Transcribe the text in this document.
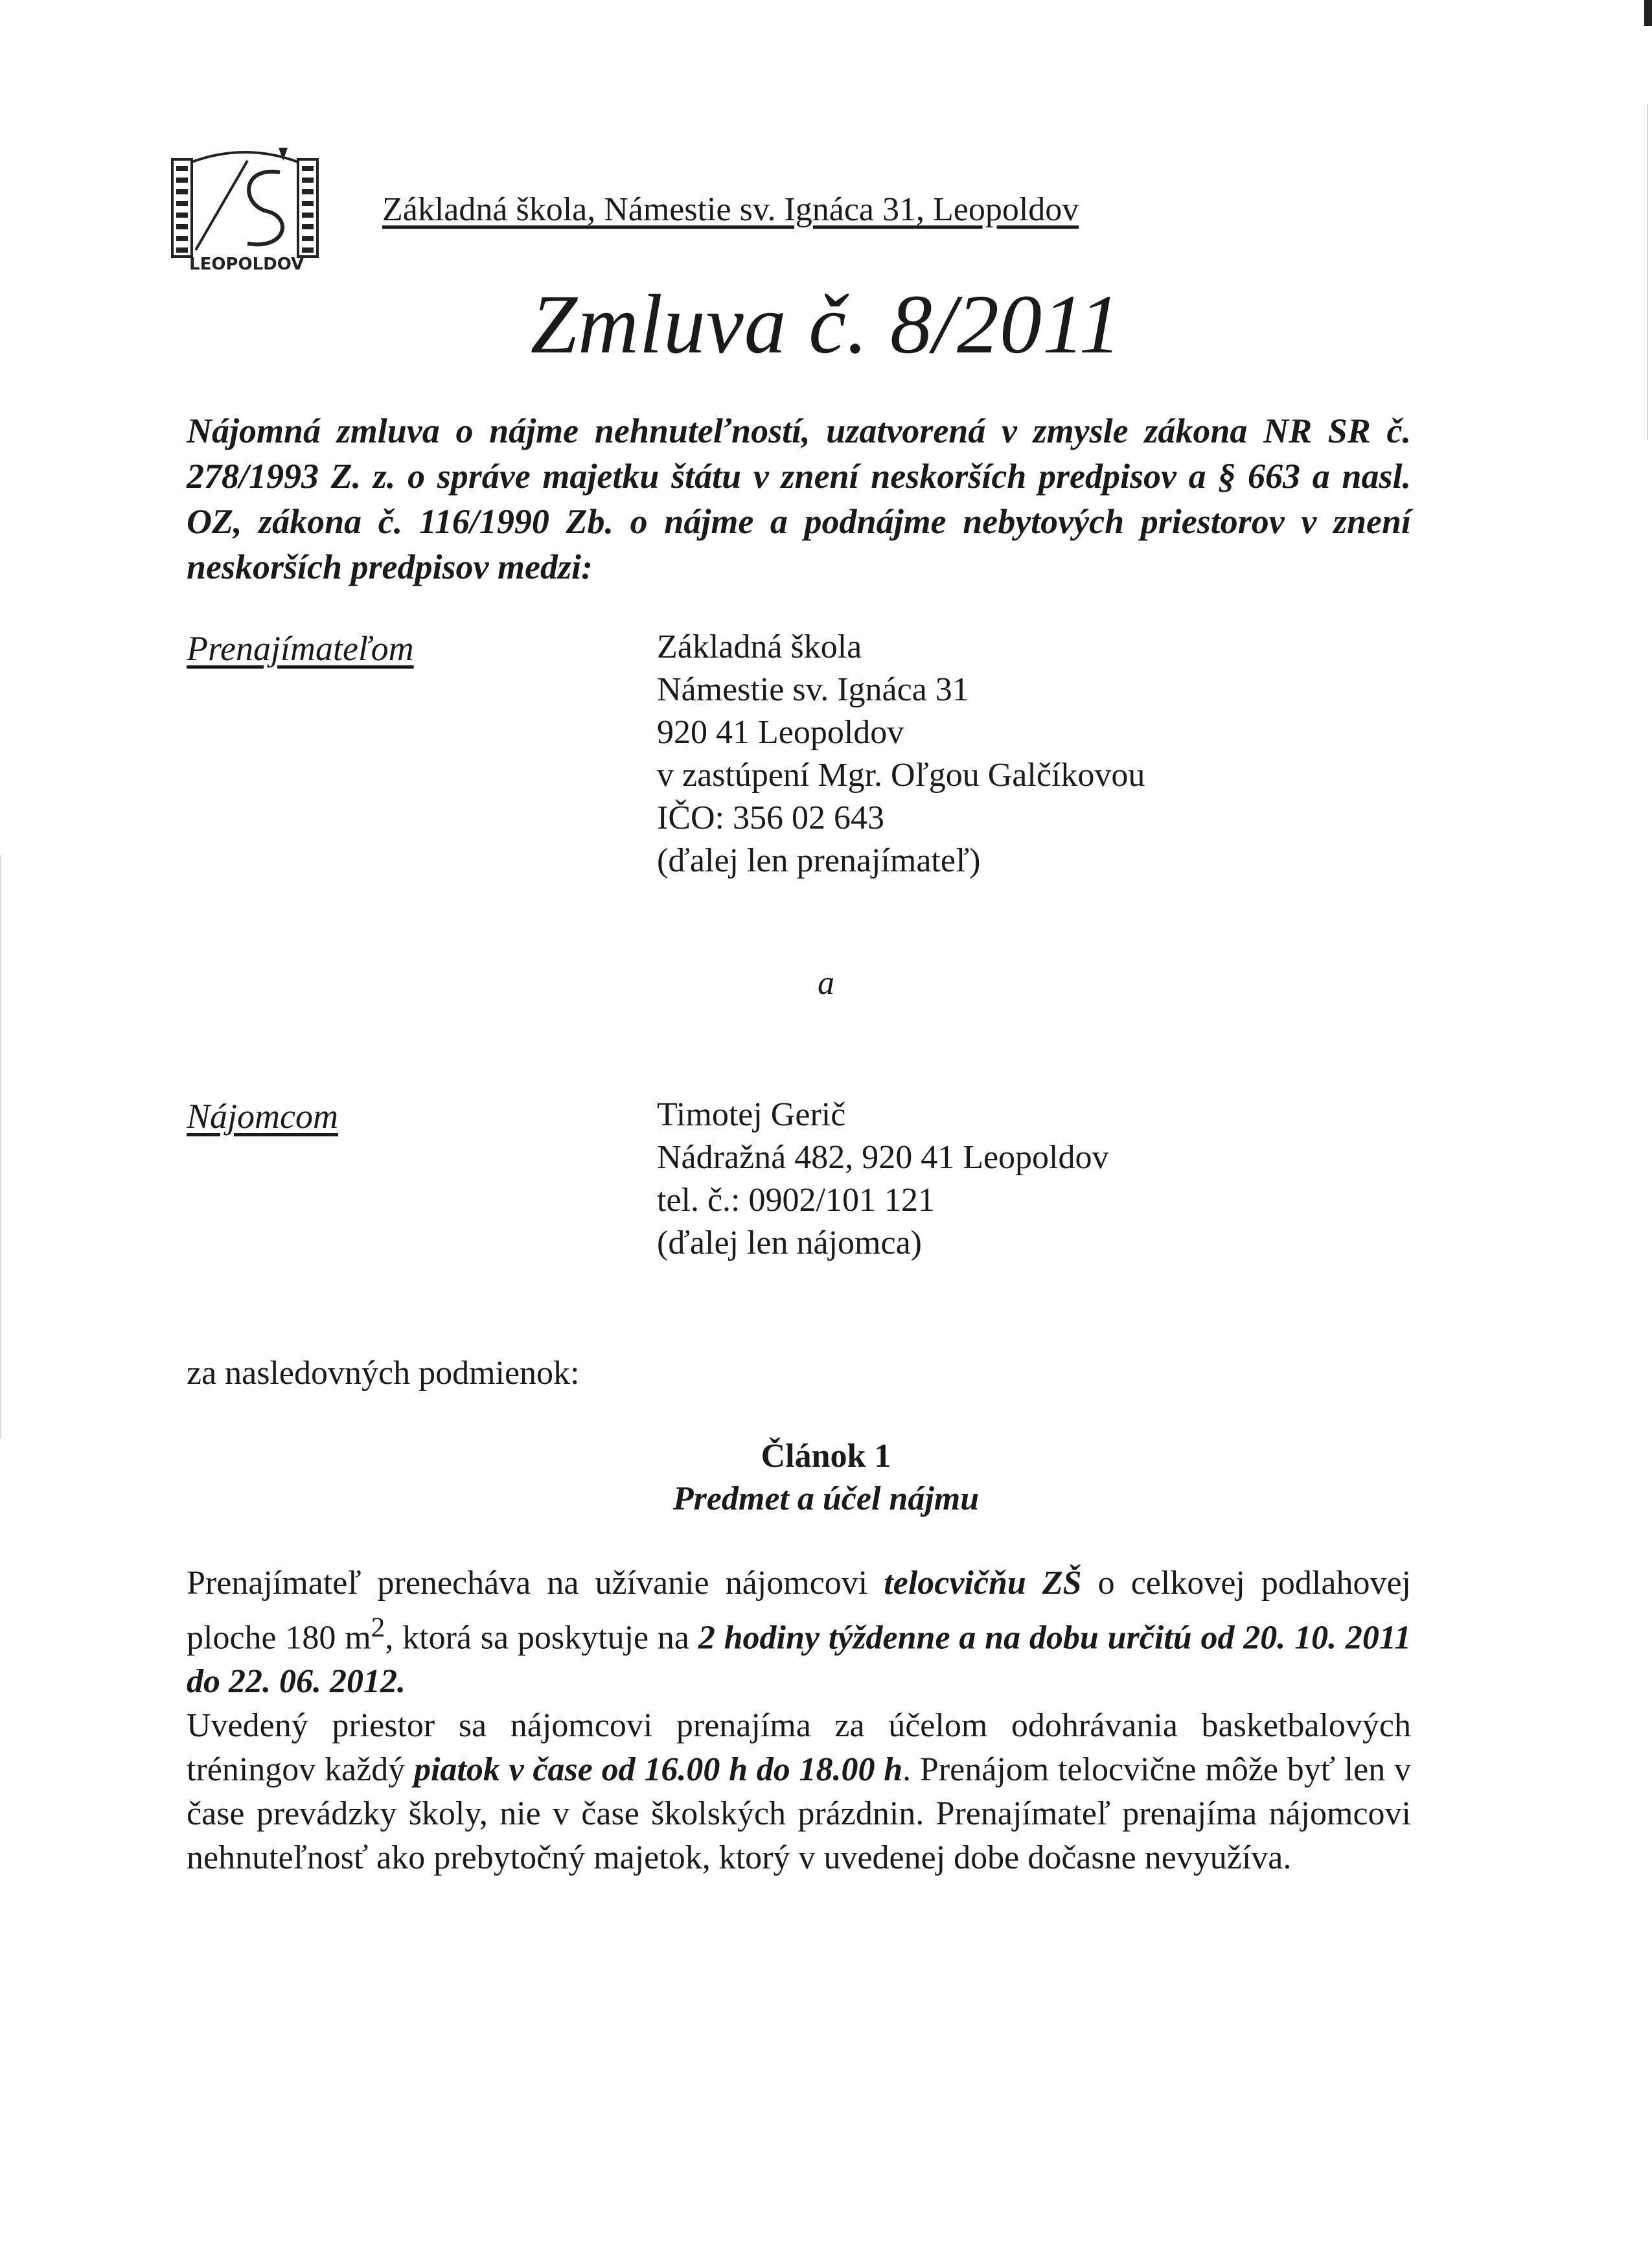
LEOPOLDOV
Základná škola, Námestie sv. Ignáca 31, Leopoldov
Zmluva č. 8/2011
Nájomná zmluva o nájme nehnuteľností, uzatvorená v zmysle zákona NR SR č. 278/1993 Z. z. o správe majetku štátu v znení neskorších predpisov a § 663 a nasl. OZ, zákona č. 116/1990 Zb. o nájme a podnájme nebytových priestorov v znení neskorších predpisov medzi:
Prenajímateľom	Základná škola
Námestie sv. Ignáca 31
920 41 Leopoldov
v zastúpení Mgr. Oľgou Galčíkovou
IČO: 356 02 643
(ďalej len prenajímateľ)
a
Nájomcom	Timotej Gerič
Nádražná 482, 920 41 Leopoldov
tel. č.: 0902/101 121
(ďalej len nájomca)
za nasledovných podmienok:
Článok 1
Predmet a účel nájmu
Prenajímateľ prenecháva na užívanie nájomcovi telocvičňu ZŠ o celkovej podlahovej ploche 180 $m^2$, ktorá sa poskytuje na 2 hodiny týždenne a na dobu určitú od 20. 10. 2011 do 22. 06. 2012.
Uvedený priestor sa nájomcovi prenajíma za účelom odohrávania basketbalových tréningov každý piatok v čase od 16.00 h do 18.00 h. Prenájom telocvične môže byť len v čase prevádzky školy, nie v čase školských prázdnin. Prenajímateľ prenajíma nájomcovi nehnuteľnosť ako prebytočný majetok, ktorý v uvedenej dobe dočasne nevyužíva.
